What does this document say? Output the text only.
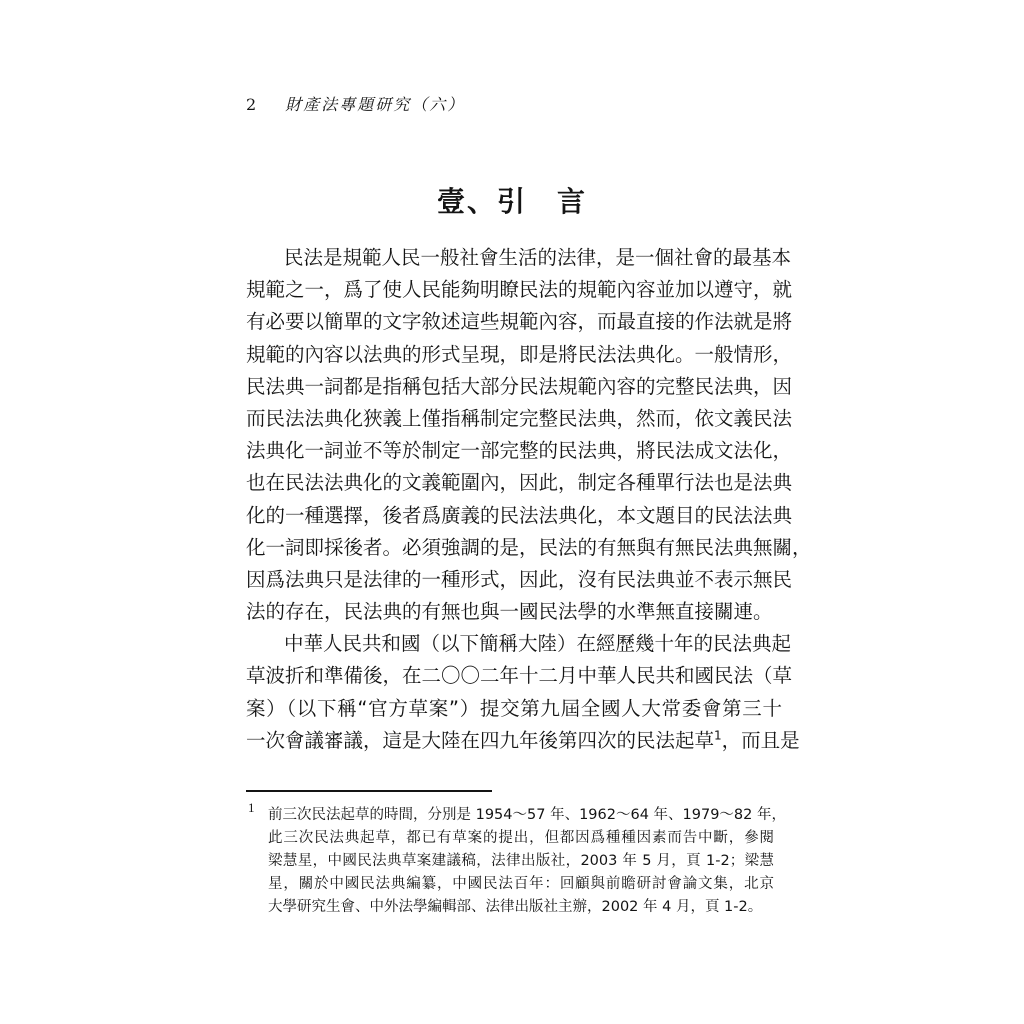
2 財產法專題研究（六）
壹、引　言
民法是規範人民一般社會生活的法律，是一個社會的最基本
規範之一，爲了使人民能夠明瞭民法的規範內容並加以遵守，就
有必要以簡單的文字敘述這些規範內容，而最直接的作法就是將
規範的內容以法典的形式呈現，即是將民法法典化。一般情形，
民法典一詞都是指稱包括大部分民法規範內容的完整民法典，因
而民法法典化狹義上僅指稱制定完整民法典，然而，依文義民法
法典化一詞並不等於制定一部完整的民法典，將民法成文法化，
也在民法法典化的文義範圍內，因此，制定各種單行法也是法典
化的一種選擇，後者爲廣義的民法法典化，本文題目的民法法典
化一詞即採後者。必須強調的是，民法的有無與有無民法典無關，
因爲法典只是法律的一種形式，因此，沒有民法典並不表示無民
法的存在，民法典的有無也與一國民法學的水準無直接關連。
中華人民共和國（以下簡稱大陸）在經歷幾十年的民法典起
草波折和準備後，在二〇〇二年十二月中華人民共和國民法（草
案）（以下稱“官方草案”）提交第九屆全國人大常委會第三十
一次會議審議，這是大陸在四九年後第四次的民法起草$^1$，而且是
1 前三次民法起草的時間，分別是 1954～57 年、1962～64 年、1979～82 年，
此三次民法典起草，都已有草案的提出，但都因爲種種因素而告中斷，參閱
梁慧星，中國民法典草案建議稿，法律出版社，2003 年 5 月，頁 1-2；梁慧
星，關於中國民法典編纂，中國民法百年：回顧與前瞻研討會論文集，北京
大學研究生會、中外法學編輯部、法律出版社主辦，2002 年 4 月，頁 1-2。
